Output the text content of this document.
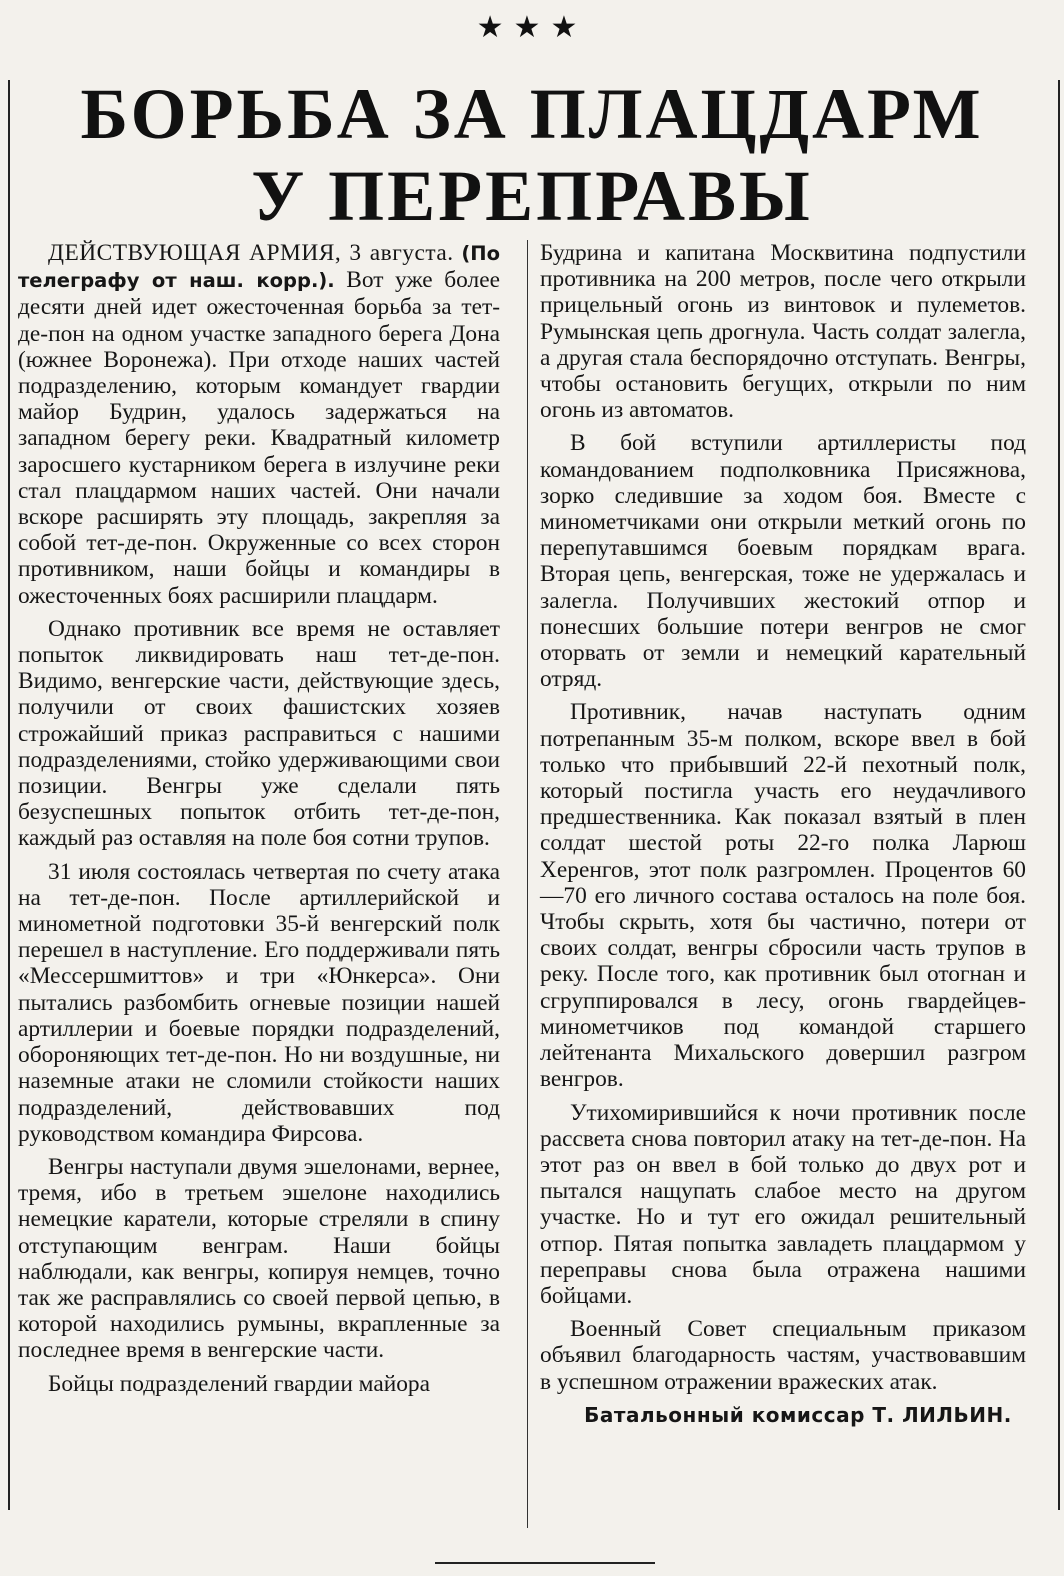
★★★
БОРЬБА ЗА ПЛАЦДАРМ
У ПЕРЕПРАВЫ

ДЕЙСТВУЮЩАЯ АРМИЯ, 3 августа. (По телеграфу от наш. корр.). Вот уже более десяти дней идет ожесточенная борьба за тет-де-пон на одном участке западного берега Дона (южнее Воронежа). При отходе наших частей подразделению, которым командует гвардии майор Будрин, удалось задержаться на западном берегу реки. Квадратный километр заросшего кустарником берега в излучине реки стал плацдармом наших частей. Они начали вскоре расширять эту площадь, закрепляя за собой тет-де-пон. Окруженные со всех сторон противником, наши бойцы и командиры в ожесточенных боях расширили плацдарм.

Однако противник все время не оставляет попыток ликвидировать наш тет-де-пон. Видимо, венгерские части, действующие здесь, получили от своих фашистских хозяев строжайший приказ расправиться с нашими подразделениями, стойко удерживающими свои позиции. Венгры уже сделали пять безуспешных попыток отбить тет-де-пон, каждый раз оставляя на поле боя сотни трупов.

31 июля состоялась четвертая по счету атака на тет-де-пон. После артиллерийской и минометной подготовки 35-й венгерский полк перешел в наступление. Его поддерживали пять «Мессершмиттов» и три «Юнкерса». Они пытались разбомбить огневые позиции нашей артиллерии и боевые порядки подразделений, обороняющих тет-де-пон. Но ни воздушные, ни наземные атаки не сломили стойкости наших подразделений, действовавших под руководством командира Фирсова.

Венгры наступали двумя эшелонами, вернее, тремя, ибо в третьем эшелоне находились немецкие каратели, которые стреляли в спину отступающим венграм. Наши бойцы наблюдали, как венгры, копируя немцев, точно так же расправлялись со своей первой цепью, в которой находились румыны, вкрапленные за последнее время в венгерские части.

Бойцы подразделений гвардии майора

Будрина и капитана Москвитина подпустили противника на 200 метров, после чего открыли прицельный огонь из винтовок и пулеметов. Румынская цепь дрогнула. Часть солдат залегла, а другая стала беспорядочно отступать. Венгры, чтобы остановить бегущих, открыли по ним огонь из автоматов.

В бой вступили артиллеристы под командованием подполковника Присяжнова, зорко следившие за ходом боя. Вместе с минометчиками они открыли меткий огонь по перепутавшимся боевым порядкам врага. Вторая цепь, венгерская, тоже не удержалась и залегла. Получивших жестокий отпор и понесших большие потери венгров не смог оторвать от земли и немецкий карательный отряд.

Противник, начав наступать одним потрепанным 35-м полком, вскоре ввел в бой только что прибывший 22-й пехотный полк, который постигла участь его неудачливого предшественника. Как показал взятый в плен солдат шестой роты 22-го полка Ларюш Херенгов, этот полк разгромлен. Процентов 60—70 его личного состава осталось на поле боя. Чтобы скрыть, хотя бы частично, потери от своих солдат, венгры сбросили часть трупов в реку. После того, как противник был отогнан и сгруппировался в лесу, огонь гвардейцев-минометчиков под командой старшего лейтенанта Михальского довершил разгром венгров.

Утихомирившийся к ночи противник после рассвета снова повторил атаку на тет-де-пон. На этот раз он ввел в бой только до двух рот и пытался нащупать слабое место на другом участке. Но и тут его ожидал решительный отпор. Пятая попытка завладеть плацдармом у переправы снова была отражена нашими бойцами.

Военный Совет специальным приказом объявил благодарность частям, участвовавшим в успешном отражении вражеских атак.

Батальонный комиссар Т. ЛИЛЬИН.
